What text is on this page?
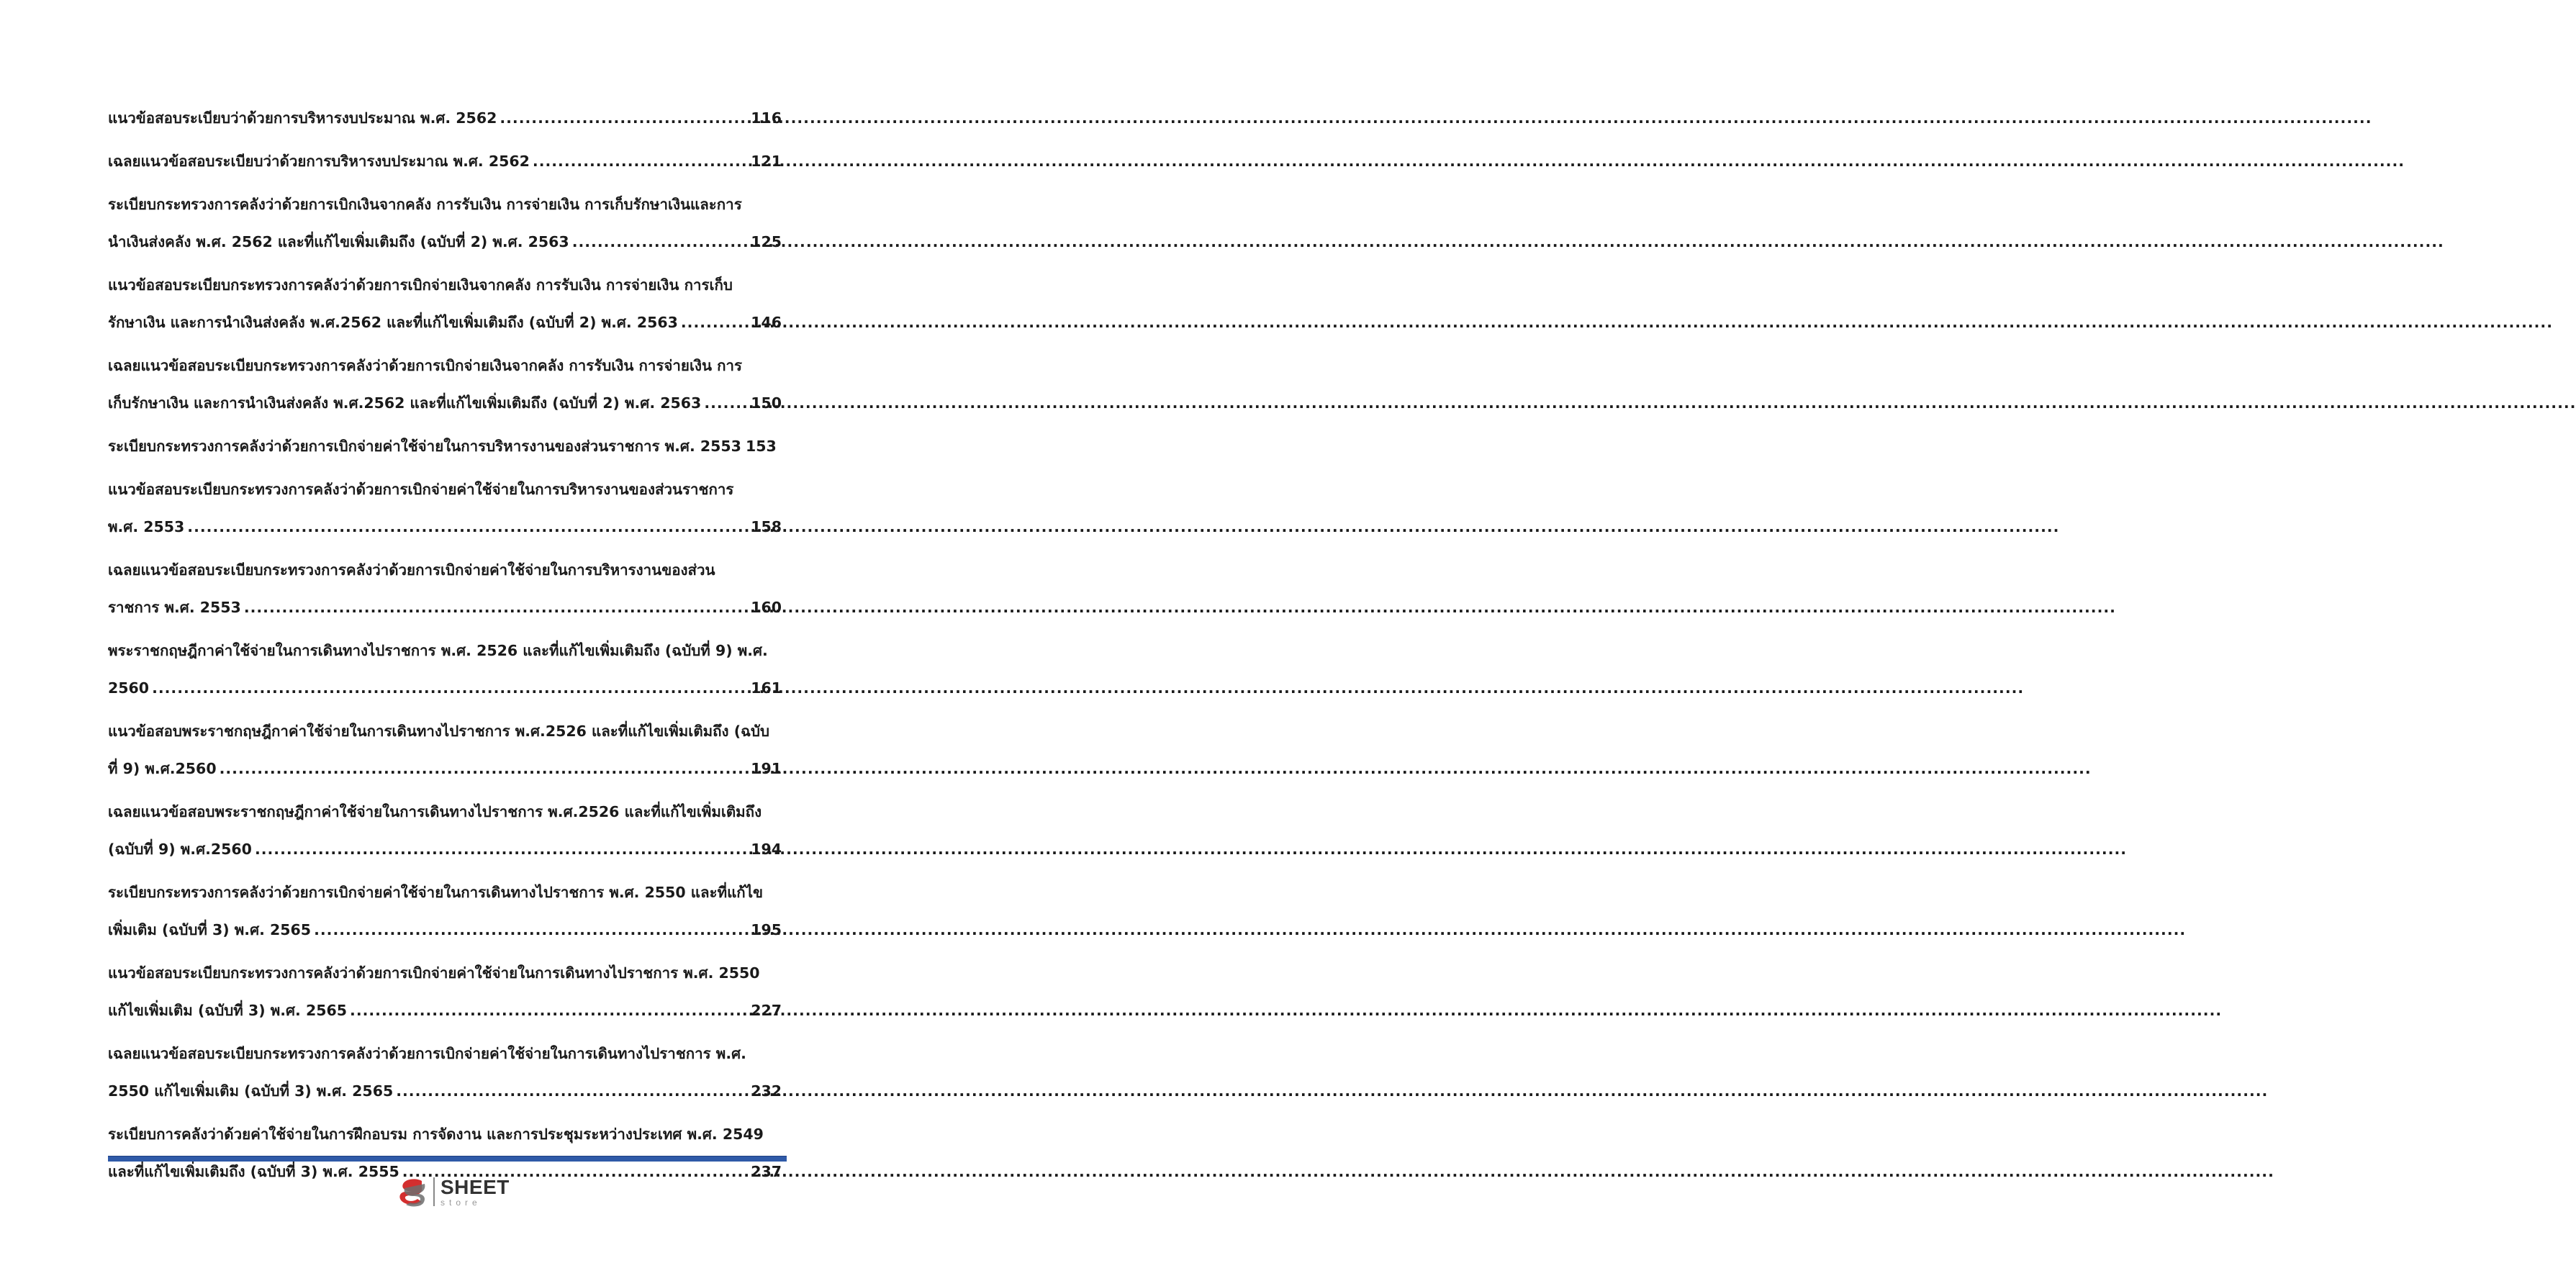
แนวข้อสอบระเบียบว่าด้วยการบริหารงบประมาณ พ.ศ. 2562 .....	116
เฉลยแนวข้อสอบระเบียบว่าด้วยการบริหารงบประมาณ พ.ศ. 2562 .....	121
ระเบียบกระทรวงการคลังว่าด้วยการเบิกเงินจากคลัง การรับเงิน การจ่ายเงิน การเก็บรักษาเงินและการ
นำเงินส่งคลัง พ.ศ. 2562 และที่แก้ไขเพิ่มเติมถึง (ฉบับที่ 2) พ.ศ. 2563 .....	125
แนวข้อสอบระเบียบกระทรวงการคลังว่าด้วยการเบิกจ่ายเงินจากคลัง การรับเงิน การจ่ายเงิน การเก็บ
รักษาเงิน และการนำเงินส่งคลัง พ.ศ.2562 และที่แก้ไขเพิ่มเติมถึง (ฉบับที่ 2) พ.ศ. 2563 .....	146
เฉลยแนวข้อสอบระเบียบกระทรวงการคลังว่าด้วยการเบิกจ่ายเงินจากคลัง การรับเงิน การจ่ายเงิน การ
เก็บรักษาเงิน และการนำเงินส่งคลัง พ.ศ.2562 และที่แก้ไขเพิ่มเติมถึง (ฉบับที่ 2) พ.ศ. 2563 .....	150
ระเบียบกระทรวงการคลังว่าด้วยการเบิกจ่ายค่าใช้จ่ายในการบริหารงานของส่วนราชการ พ.ศ. 2553 153
แนวข้อสอบระเบียบกระทรวงการคลังว่าด้วยการเบิกจ่ายค่าใช้จ่ายในการบริหารงานของส่วนราชการ
พ.ศ. 2553 .....	158
เฉลยแนวข้อสอบระเบียบกระทรวงการคลังว่าด้วยการเบิกจ่ายค่าใช้จ่ายในการบริหารงานของส่วน
ราชการ พ.ศ. 2553 .....	160
พระราชกฤษฎีกาค่าใช้จ่ายในการเดินทางไปราชการ พ.ศ. 2526 และที่แก้ไขเพิ่มเติมถึง (ฉบับที่ 9) พ.ศ.
2560 .....	161
แนวข้อสอบพระราชกฤษฎีกาค่าใช้จ่ายในการเดินทางไปราชการ พ.ศ.2526 และที่แก้ไขเพิ่มเติมถึง (ฉบับ
ที่ 9) พ.ศ.2560 .....	191
เฉลยแนวข้อสอบพระราชกฤษฎีกาค่าใช้จ่ายในการเดินทางไปราชการ พ.ศ.2526 และที่แก้ไขเพิ่มเติมถึง
(ฉบับที่ 9) พ.ศ.2560 .....	194
ระเบียบกระทรวงการคลังว่าด้วยการเบิกจ่ายค่าใช้จ่ายในการเดินทางไปราชการ พ.ศ. 2550 และที่แก้ไข
เพิ่มเติม (ฉบับที่ 3) พ.ศ. 2565 .....	195
แนวข้อสอบระเบียบกระทรวงการคลังว่าด้วยการเบิกจ่ายค่าใช้จ่ายในการเดินทางไปราชการ พ.ศ. 2550
แก้ไขเพิ่มเติม (ฉบับที่ 3) พ.ศ. 2565 .....	227
เฉลยแนวข้อสอบระเบียบกระทรวงการคลังว่าด้วยการเบิกจ่ายค่าใช้จ่ายในการเดินทางไปราชการ พ.ศ.
2550 แก้ไขเพิ่มเติม (ฉบับที่ 3) พ.ศ. 2565 .....	232
ระเบียบการคลังว่าด้วยค่าใช้จ่ายในการฝึกอบรม การจัดงาน และการประชุมระหว่างประเทศ พ.ศ. 2549
และที่แก้ไขเพิ่มเติมถึง (ฉบับที่ 3) พ.ศ. 2555 .....	237
SHEET
store
